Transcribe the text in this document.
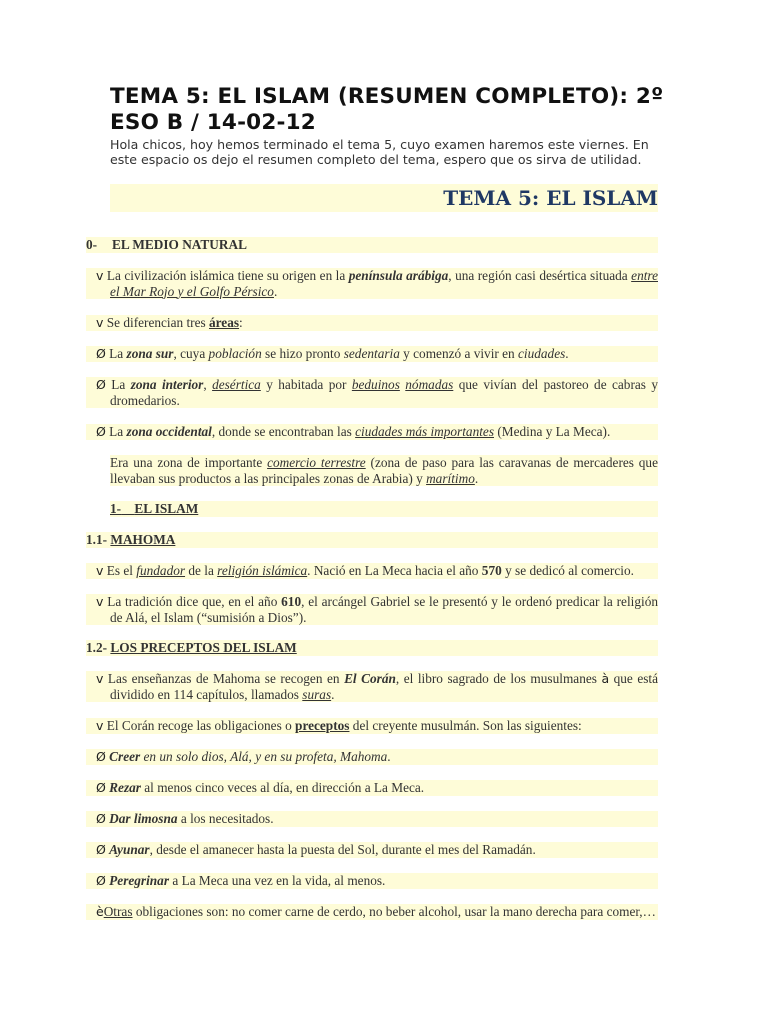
TEMA 5: EL ISLAM (RESUMEN COMPLETO): 2º ESO B / 14-02-12

Hola chicos, hoy hemos terminado el tema 5, cuyo examen haremos este viernes. En este espacio os dejo el resumen completo del tema, espero que os sirva de utilidad.

TEMA 5: EL ISLAM
0- EL MEDIO NATURAL
v La civilización islámica tiene su origen en la península arábiga, una región casi desértica situada entre el Mar Rojo y el Golfo Pérsico.
v Se diferencian tres áreas:
Ø La zona sur, cuya población se hizo pronto sedentaria y comenzó a vivir en ciudades.
Ø La zona interior, desértica y habitada por beduinos nómadas que vivían del pastoreo de cabras y dromedarios.
Ø La zona occidental, donde se encontraban las ciudades más importantes (Medina y La Meca).
Era una zona de importante comercio terrestre (zona de paso para las caravanas de mercaderes que llevaban sus productos a las principales zonas de Arabia) y marítimo.
1- EL ISLAM
1.1- MAHOMA
v Es el fundador de la religión islámica. Nació en La Meca hacia el año 570 y se dedicó al comercio.
v La tradición dice que, en el año 610, el arcángel Gabriel se le presentó y le ordenó predicar la religión de Alá, el Islam (“sumisión a Dios”).
1.2- LOS PRECEPTOS DEL ISLAM
v Las enseñanzas de Mahoma se recogen en El Corán, el libro sagrado de los musulmanes à que está dividido en 114 capítulos, llamados suras.
v El Corán recoge las obligaciones o preceptos del creyente musulmán. Son las siguientes:
Ø Creer en un solo dios, Alá, y en su profeta, Mahoma.
Ø Rezar al menos cinco veces al día, en dirección a La Meca.
Ø Dar limosna a los necesitados.
Ø Ayunar, desde el amanecer hasta la puesta del Sol, durante el mes del Ramadán.
Ø Peregrinar a La Meca una vez en la vida, al menos.
èOtras obligaciones son: no comer carne de cerdo, no beber alcohol, usar la mano derecha para comer,…
